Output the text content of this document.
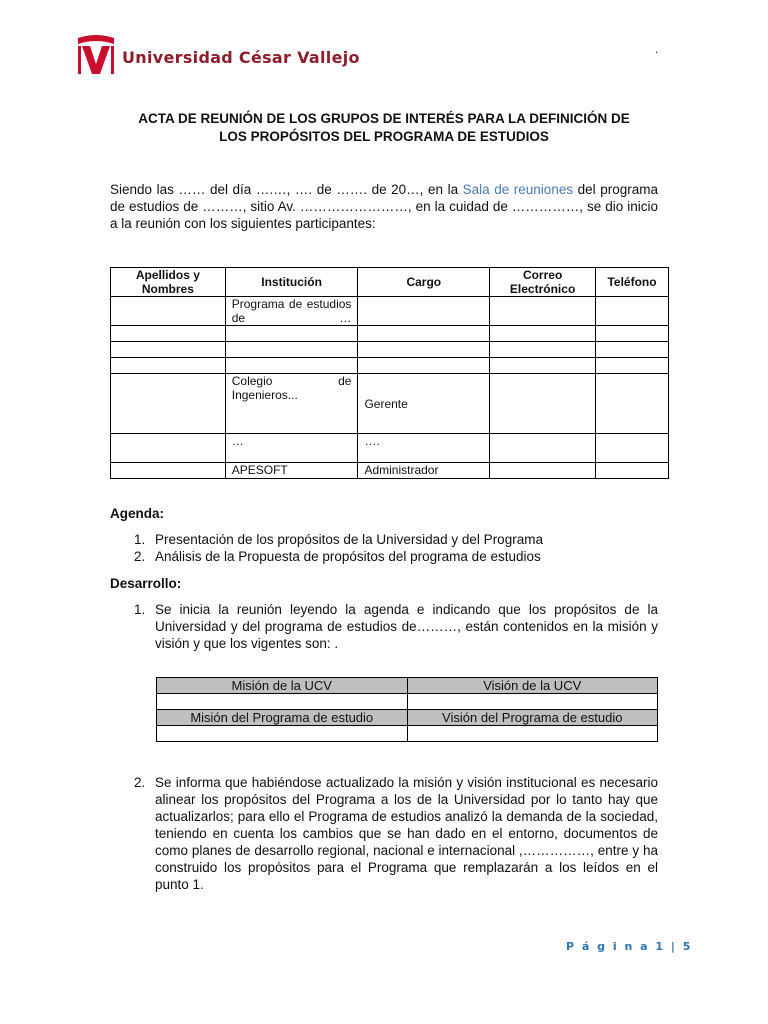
Universidad César Vallejo	.
ACTA DE REUNIÓN DE LOS GRUPOS DE INTERÉS PARA LA DEFINICIÓN DE
LOS PROPÓSITOS DEL PROGRAMA DE ESTUDIOS
Siendo las …… del día ….…, …. de ……. de 20…, en la Sala de reuniones del programa de estudios de ………, sitio Av. ……………………, en la cuidad de ……………, se dio inicio a la reunión con los siguientes participantes:
Apellidos y Nombres	Institución	Cargo	Correo Electrónico	Teléfono
	Programa de estudios de …			

	Colegio de Ingenieros...	Gerente		
	…	….		
	APESOFT	Administrador		
Agenda:
1. Presentación de los propósitos de la Universidad y del Programa
2. Análisis de la Propuesta de propósitos del programa de estudios
Desarrollo:
1. Se inicia la reunión leyendo la agenda e indicando que los propósitos de la Universidad y del programa de estudios de………, están contenidos en la misión y visión y que los vigentes son: .
Misión de la UCV	Visión de la UCV

Misión del Programa de estudio	Visión del Programa de estudio

2. Se informa que habiéndose actualizado la misión y visión institucional es necesario alinear los propósitos del Programa a los de la Universidad por lo tanto hay que actualizarlos; para ello el Programa de estudios analizó la demanda de la sociedad, teniendo en cuenta los cambios que se han dado en el entorno, documentos de como planes de desarrollo regional, nacional e internacional ,……………, entre y ha construido los propósitos para el Programa que remplazarán a los leídos en el punto 1.
P á g i n a 1 | 5
